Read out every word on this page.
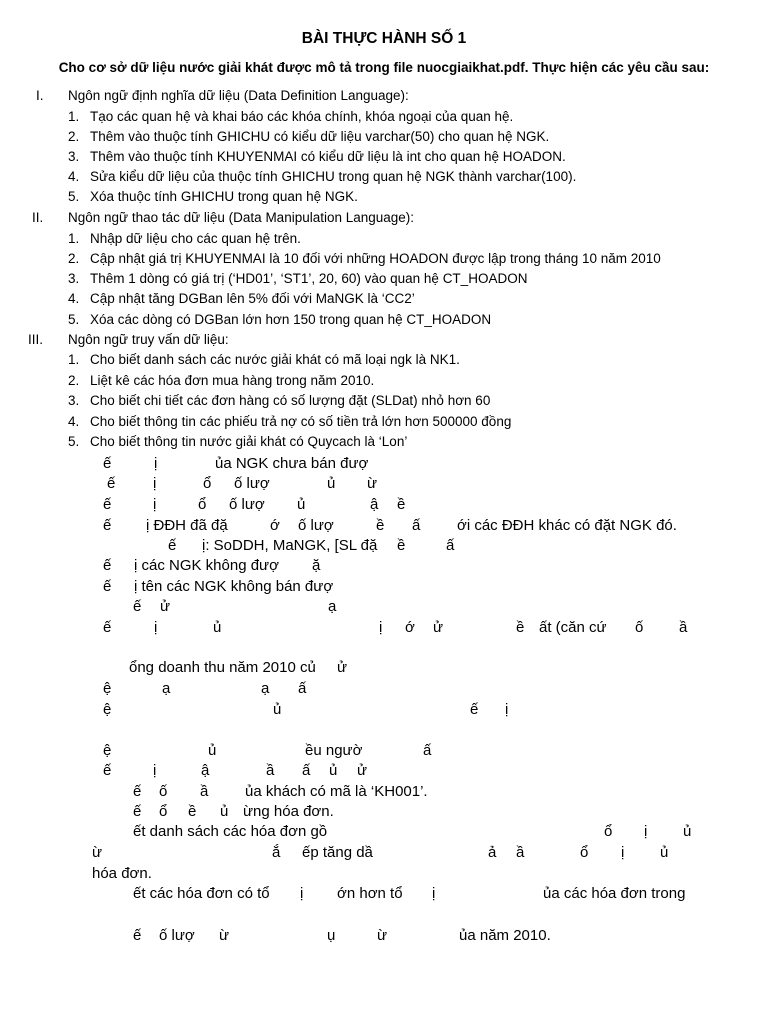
BÀI THỰC HÀNH SỐ 1
Cho cơ sở dữ liệu nước giải khát được mô tả trong file nuocgiaikhat.pdf. Thực hiện các yêu cầu sau:
I.	Ngôn ngữ định nghĩa dữ liệu (Data Definition Language):
1. Tạo các quan hệ và khai báo các khóa chính, khóa ngoại của quan hệ.
2. Thêm vào thuộc tính GHICHU có kiểu dữ liệu varchar(50) cho quan hệ NGK.
3. Thêm vào thuộc tính KHUYENMAI có kiểu dữ liệu là int cho quan hệ HOADON.
4. Sửa kiểu dữ liệu của thuộc tính GHICHU trong quan hệ NGK thành varchar(100).
5. Xóa thuộc tính GHICHU trong quan hệ NGK.
II.	Ngôn ngữ thao tác dữ liệu (Data Manipulation Language):
1. Nhập dữ liệu cho các quan hệ trên.
2. Cập nhật giá trị KHUYENMAI là 10 đối với những HOADON được lập trong tháng 10 năm 2010
3. Thêm 1 dòng có giá trị (‘HD01’, ‘ST1’, 20, 60) vào quan hệ CT_HOADON
4. Cập nhật tăng DGBan lên 5% đối với MaNGK là ‘CC2’
5. Xóa các dòng có DGBan lớn hơn 150 trong quan hệ CT_HOADON
III.	Ngôn ngữ truy vấn dữ liệu:
1. Cho biết danh sách các nước giải khát có mã loại ngk là NK1.
2. Liệt kê các hóa đơn mua hàng trong năm 2010.
3. Cho biết chi tiết các đơn hàng có số lượng đặt (SLDat) nhỏ hơn 60
4. Cho biết thông tin các phiếu trả nợ có số tiền trả lớn hơn 500000 đồng
5. Cho biết thông tin nước giải khát có Quycach là ‘Lon’
ế	ị	ủa NGK chưa bán đượ
ế	ị	ổ ố lượ	ủ ừ
ế	ị	ổ ố lượ ủ	ậ ề
ế ị ĐĐH đã đặ	ớ ố lượ	ề ấ ới các ĐĐH khác có đặt NGK đó.
ế ị: SoDDH, MaNGK, [SL đặ ề	ấ
ế ị các NGK không đượ ặ
ế ị tên các NGK không bán đượ
ế ử	ạ
ế	ị	ủ	ị ớ ử	ề ất (căn cứ ố ầ
ổng doanh thu năm 2010 củ ử
ệ	ạ	ạ ấ
ệ	ủ	ế ị
ệ	ủ	ều ngườ	ấ
ế	ị	ậ	ầ ấ ủ ử
ế ố ầ ủa khách có mã là ‘KH001’.
ế ổ ề ủ ừng hóa đơn.
ết danh sách các hóa đơn gồ	ổ ị ủ
ừ	ắ ếp tăng dầ	ả ầ	ổ ị ủ
hóa đơn.
ết các hóa đơn có tổ ị ớn hơn tổ ị	ủa các hóa đơn trong
ế ố lượ ừ	ụ	ừ	ủa năm 2010.
